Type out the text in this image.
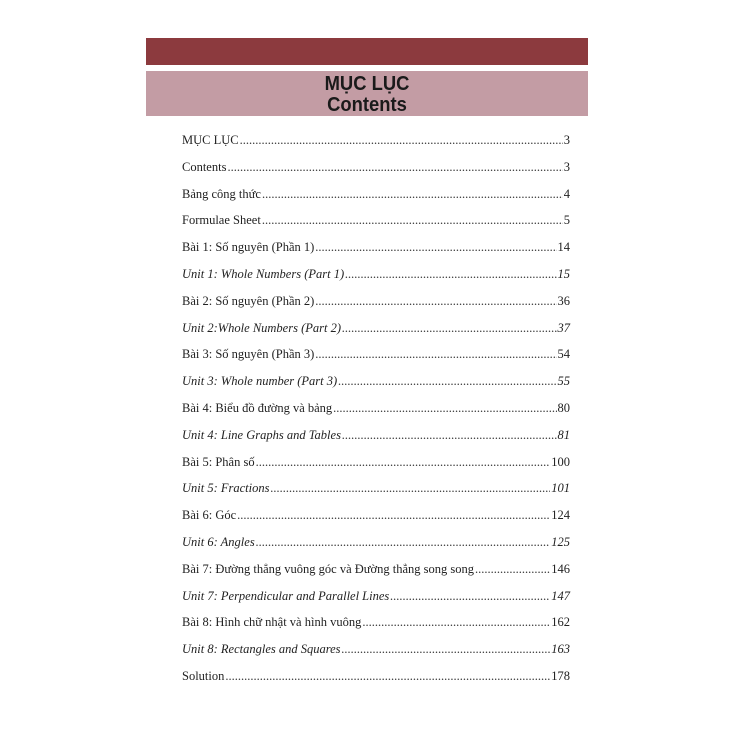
MỤC LỤC
Contents
MỤC LỤC .....	3
Contents .....	3
Bảng công thức .....	4
Formulae Sheet .....	5
Bài 1: Số nguyên (Phần 1) .....	14
Unit 1: Whole Numbers (Part 1) .....	15
Bài 2: Số nguyên (Phần 2) .....	36
Unit 2:Whole Numbers (Part 2) .....	37
Bài 3: Số nguyên (Phần 3) .....	54
Unit 3: Whole number (Part 3) .....	55
Bài 4: Biểu đồ đường và bảng .....	80
Unit 4: Line Graphs and Tables .....	81
Bài 5: Phân số .....	100
Unit 5: Fractions .....	101
Bài 6: Góc .....	124
Unit 6: Angles .....	125
Bài 7: Đường thẳng vuông góc và Đường thẳng song song .....	146
Unit 7: Perpendicular and Parallel Lines .....	147
Bài 8: Hình chữ nhật và hình vuông .....	162
Unit 8: Rectangles and Squares .....	163
Solution .....	178
